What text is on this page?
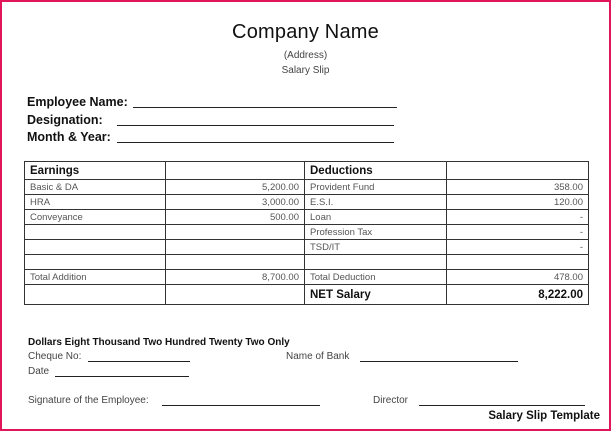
Company Name
(Address)
Salary Slip
Employee Name:
Designation:
Month & Year:
Earnings		Deductions	
Basic & DA	5,200.00	Provident Fund	358.00
HRA	3,000.00	E.S.I.	120.00
Conveyance	500.00	Loan	-
		Profession Tax	-
		TSD/IT	-

Total Addition	8,700.00	Total Deduction	478.00
		NET Salary	8,222.00
Dollars Eight Thousand Two Hundred Twenty Two Only
Cheque No:	Name of Bank
Date
Signature of the Employee:	Director
Salary Slip Template
